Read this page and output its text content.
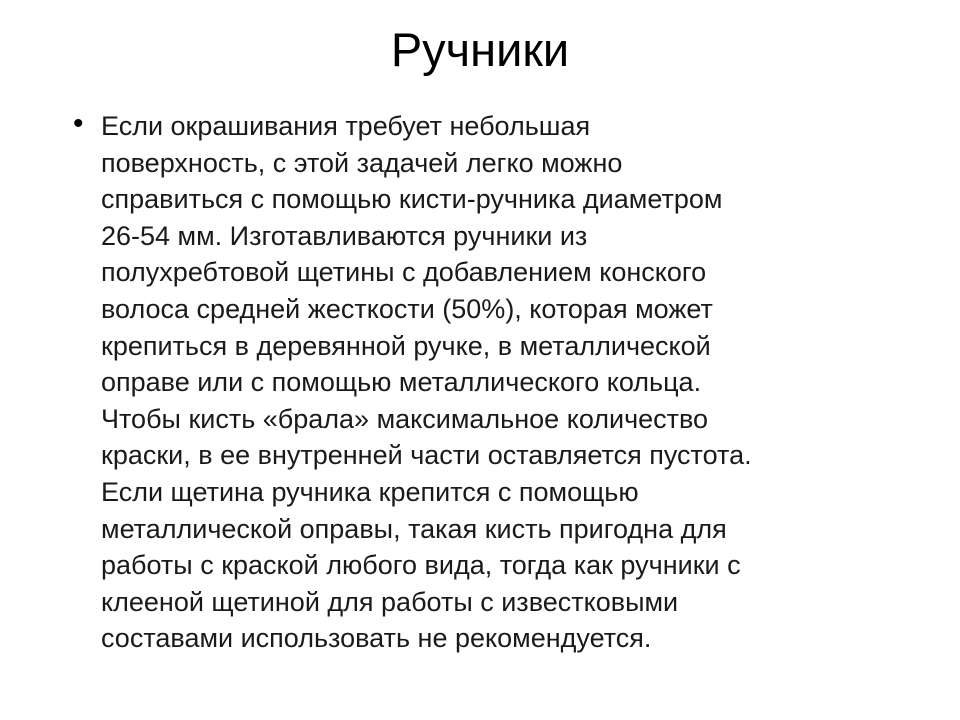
Ручники
• Если окрашивания требует небольшая
поверхность, с этой задачей легко можно
справиться с помощью кисти-ручника диаметром
26-54 мм. Изготавливаются ручники из
полухребтовой щетины с добавлением конского
волоса средней жесткости (50%), которая может
крепиться в деревянной ручке, в металлической
оправе или с помощью металлического кольца.
Чтобы кисть «брала» максимальное количество
краски, в ее внутренней части оставляется пустота.
Если щетина ручника крепится с помощью
металлической оправы, такая кисть пригодна для
работы с краской любого вида, тогда как ручники с
клееной щетиной для работы с известковыми
составами использовать не рекомендуется.
